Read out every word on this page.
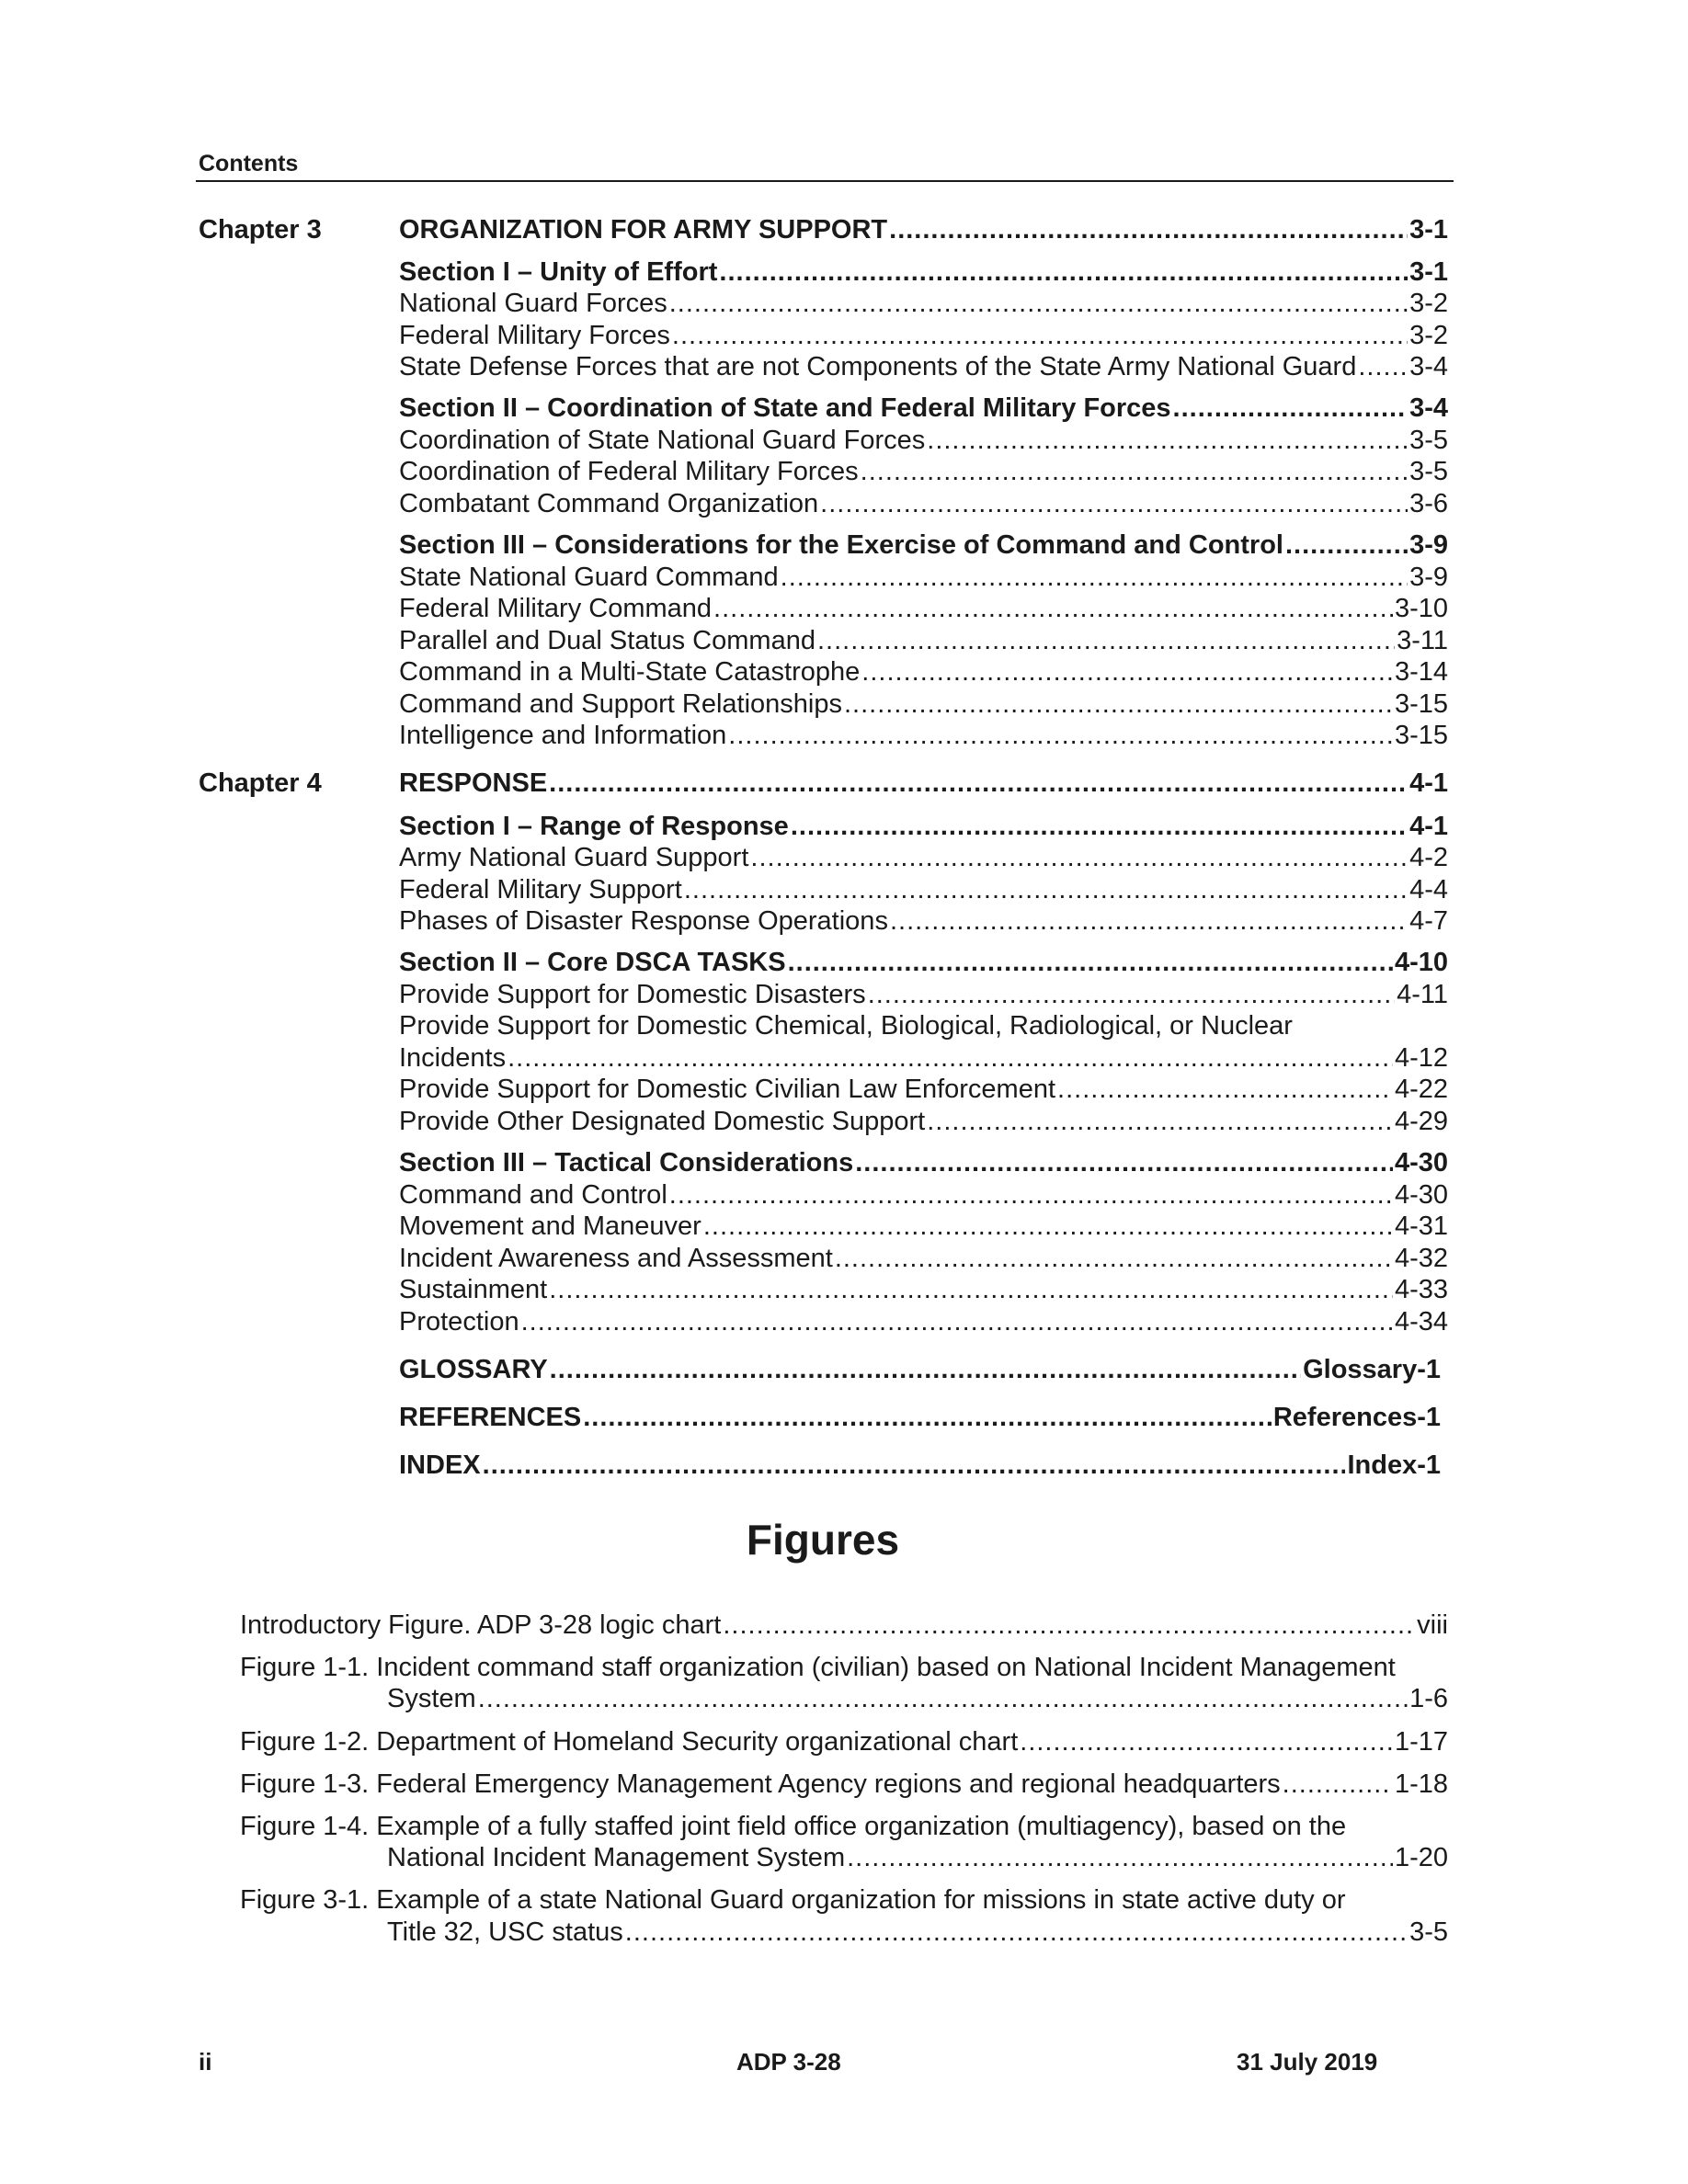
Contents
Chapter 3	ORGANIZATION FOR ARMY SUPPORT .....	3-1
Section I – Unity of Effort .....	3-1
National Guard Forces .....	3-2
Federal Military Forces .....	3-2
State Defense Forces that are not Components of the State Army National Guard ..... 3-4
Section II – Coordination of State and Federal Military Forces .....	3-4
Coordination of State National Guard Forces .....	3-5
Coordination of Federal Military Forces .....	3-5
Combatant Command Organization .....	3-6
Section III – Considerations for the Exercise of Command and Control .....	3-9
State National Guard Command .....	3-9
Federal Military Command .....	3-10
Parallel and Dual Status Command .....	3-11
Command in a Multi-State Catastrophe .....	3-14
Command and Support Relationships .....	3-15
Intelligence and Information .....	3-15
Chapter 4	RESPONSE .....	4-1
Section I – Range of Response .....	4-1
Army National Guard Support .....	4-2
Federal Military Support .....	4-4
Phases of Disaster Response Operations .....	4-7
Section II – Core DSCA TASKS .....	4-10
Provide Support for Domestic Disasters .....	4-11
Provide Support for Domestic Chemical, Biological, Radiological, or Nuclear
Incidents .....	4-12
Provide Support for Domestic Civilian Law Enforcement .....	4-22
Provide Other Designated Domestic Support .....	4-29
Section III – Tactical Considerations .....	4-30
Command and Control .....	4-30
Movement and Maneuver .....	4-31
Incident Awareness and Assessment .....	4-32
Sustainment .....	4-33
Protection .....	4-34
GLOSSARY .....	Glossary-1
REFERENCES .....	References-1
INDEX .....	Index-1
Figures
Introductory Figure. ADP 3-28 logic chart .....	viii
Figure 1-1. Incident command staff organization (civilian) based on National Incident Management
System .....	1-6
Figure 1-2. Department of Homeland Security organizational chart .....	1-17
Figure 1-3. Federal Emergency Management Agency regions and regional headquarters .....	1-18
Figure 1-4. Example of a fully staffed joint field office organization (multiagency), based on the
National Incident Management System .....	1-20
Figure 3-1. Example of a state National Guard organization for missions in state active duty or
Title 32, USC status .....	3-5
ii	ADP 3-28	31 July 2019
